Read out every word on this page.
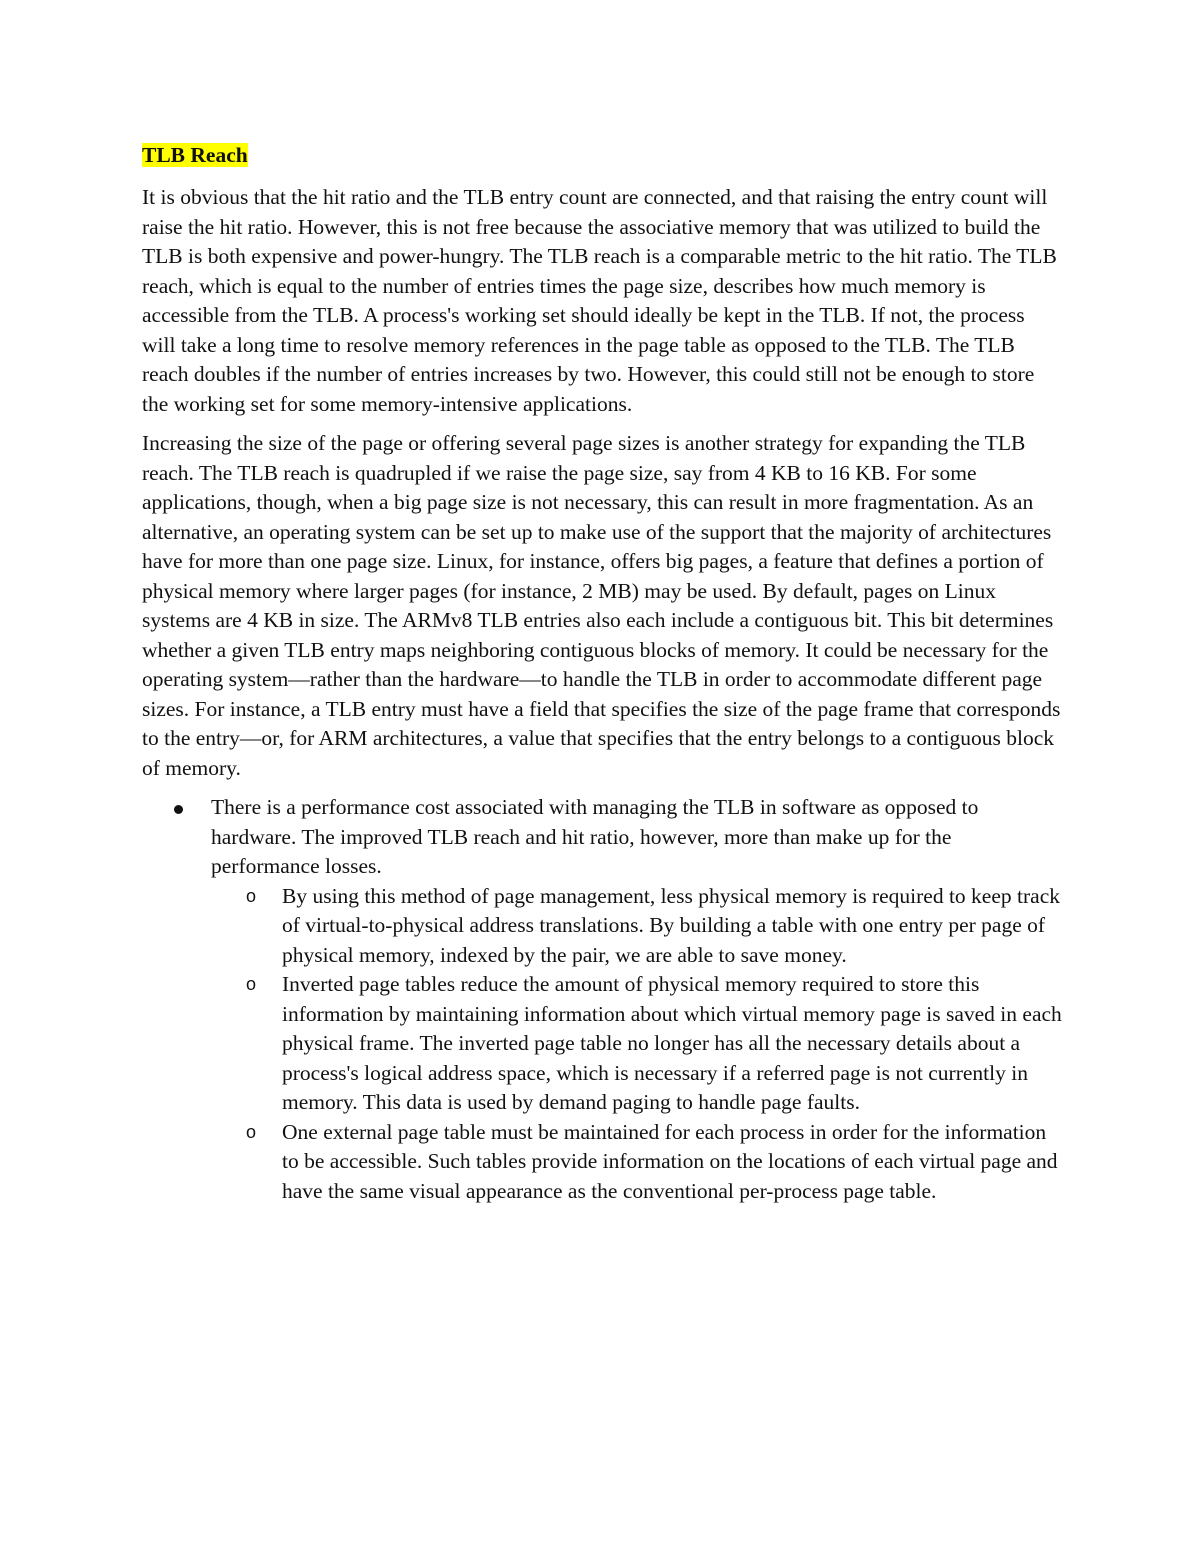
TLB Reach

It is obvious that the hit ratio and the TLB entry count are connected, and that raising the entry count will raise the hit ratio. However, this is not free because the associative memory that was utilized to build the TLB is both expensive and power-hungry. The TLB reach is a comparable metric to the hit ratio. The TLB reach, which is equal to the number of entries times the page size, describes how much memory is accessible from the TLB. A process's working set should ideally be kept in the TLB. If not, the process will take a long time to resolve memory references in the page table as opposed to the TLB. The TLB reach doubles if the number of entries increases by two. However, this could still not be enough to store the working set for some memory-intensive applications.

Increasing the size of the page or offering several page sizes is another strategy for expanding the TLB reach. The TLB reach is quadrupled if we raise the page size, say from 4 KB to 16 KB. For some applications, though, when a big page size is not necessary, this can result in more fragmentation. As an alternative, an operating system can be set up to make use of the support that the majority of architectures have for more than one page size. Linux, for instance, offers big pages, a feature that defines a portion of physical memory where larger pages (for instance, 2 MB) may be used. By default, pages on Linux systems are 4 KB in size. The ARMv8 TLB entries also each include a contiguous bit. This bit determines whether a given TLB entry maps neighboring contiguous blocks of memory. It could be necessary for the operating system—rather than the hardware—to handle the TLB in order to accommodate different page sizes. For instance, a TLB entry must have a field that specifies the size of the page frame that corresponds to the entry—or, for ARM architectures, a value that specifies that the entry belongs to a contiguous block of memory.

There is a performance cost associated with managing the TLB in software as opposed to hardware. The improved TLB reach and hit ratio, however, more than make up for the performance losses.
o By using this method of page management, less physical memory is required to keep track of virtual-to-physical address translations. By building a table with one entry per page of physical memory, indexed by the pair, we are able to save money.
o Inverted page tables reduce the amount of physical memory required to store this information by maintaining information about which virtual memory page is saved in each physical frame. The inverted page table no longer has all the necessary details about a process's logical address space, which is necessary if a referred page is not currently in memory. This data is used by demand paging to handle page faults.
o One external page table must be maintained for each process in order for the information to be accessible. Such tables provide information on the locations of each virtual page and have the same visual appearance as the conventional per-process page table.
